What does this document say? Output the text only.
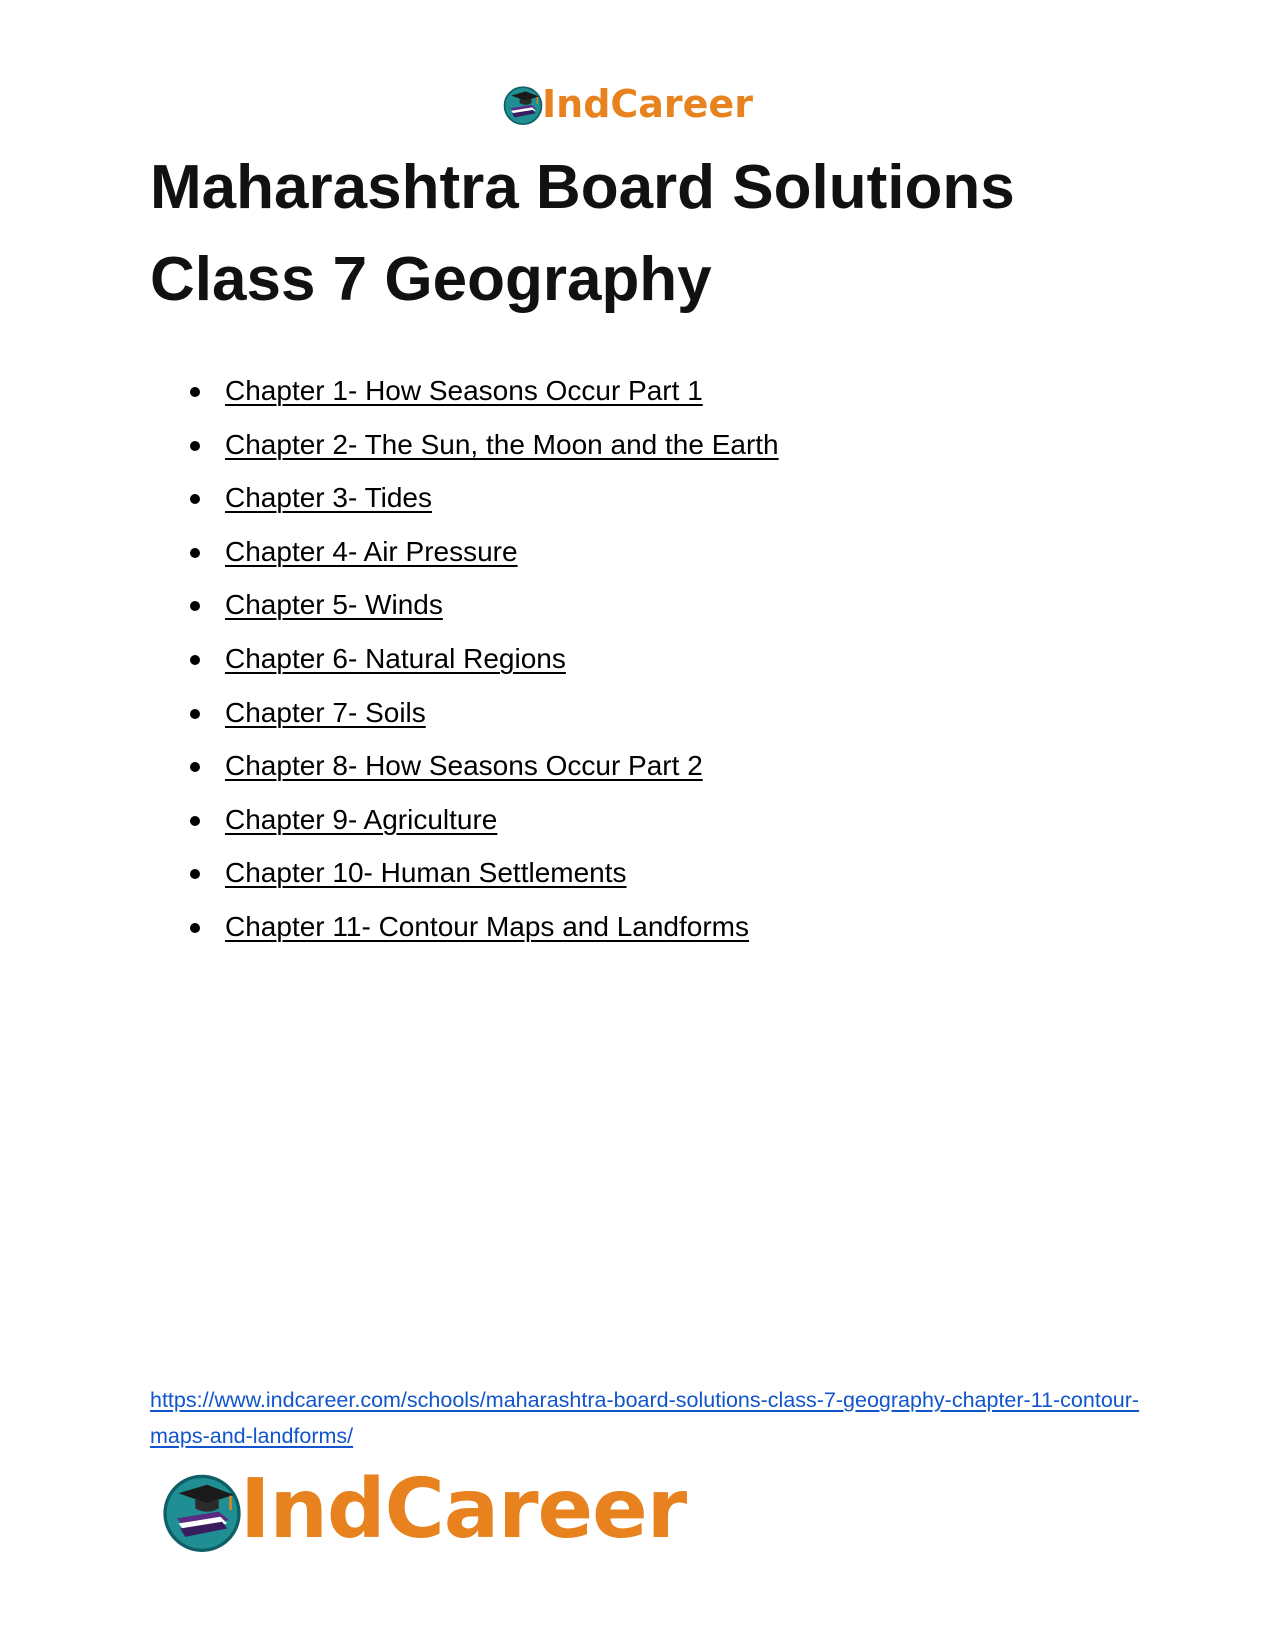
IndCareer
Maharashtra Board Solutions
Class 7 Geography
Chapter 1- How Seasons Occur Part 1
Chapter 2- The Sun, the Moon and the Earth
Chapter 3- Tides
Chapter 4- Air Pressure
Chapter 5- Winds
Chapter 6- Natural Regions
Chapter 7- Soils
Chapter 8- How Seasons Occur Part 2
Chapter 9- Agriculture
Chapter 10- Human Settlements
Chapter 11- Contour Maps and Landforms
https://www.indcareer.com/schools/maharashtra-board-solutions-class-7-geography-chapter-11-contour-maps-and-landforms/
IndCareer
